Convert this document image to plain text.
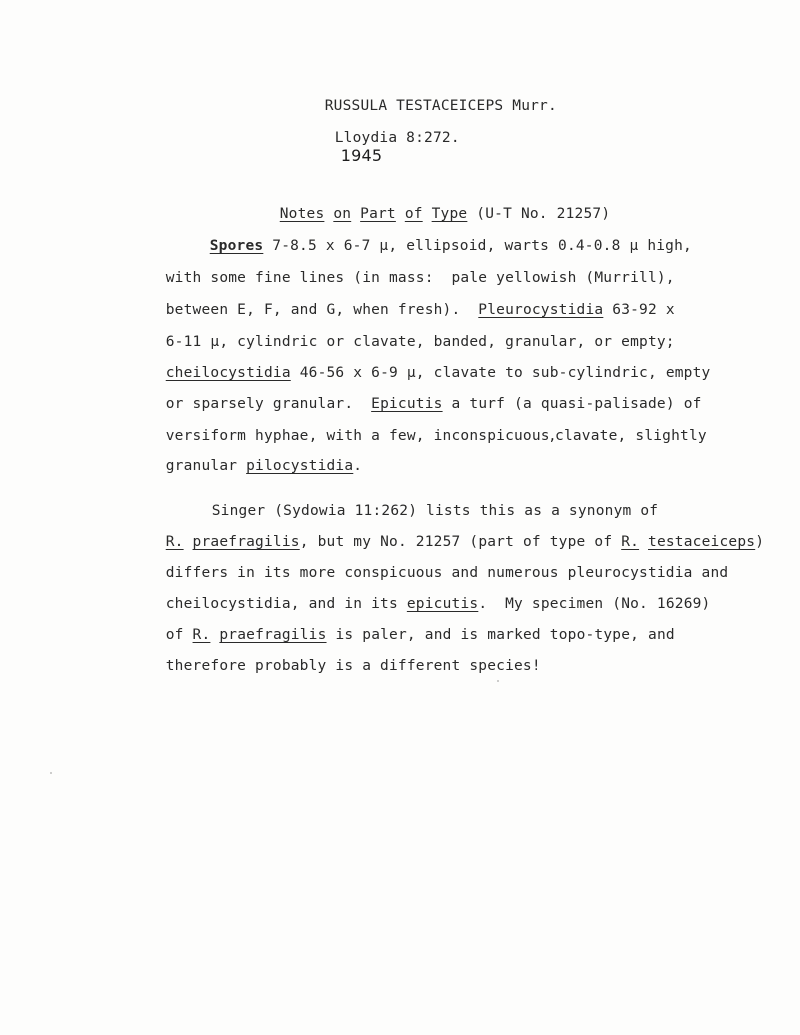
RUSSULA TESTACEICEPS Murr.

Lloydia 8:272.
1945

Notes on Part of Type (U-T No. 21257)

Spores 7-8.5 x 6-7 µ, ellipsoid, warts 0.4-0.8 µ high,

with some fine lines (in mass:  pale yellowish (Murrill),

between E, F, and G, when fresh). Pleurocystidia 63-92 x

6-11 µ, cylindric or clavate, banded, granular, or empty;

cheilocystidia 46-56 x 6-9 µ, clavate to sub-cylindric, empty

or sparsely granular. Epicutis a turf (a quasi-palisade) of

versiform hyphae, with a few, inconspicuous,clavate, slightly

granular pilocystidia.

Singer (Sydowia 11:262) lists this as a synonym of

R. praefragilis, but my No. 21257 (part of type of R. testaceiceps)

differs in its more conspicuous and numerous pleurocystidia and

cheilocystidia, and in its epicutis.  My specimen (No. 16269)

of R. praefragilis is paler, and is marked topo-type, and

therefore probably is a different species!
